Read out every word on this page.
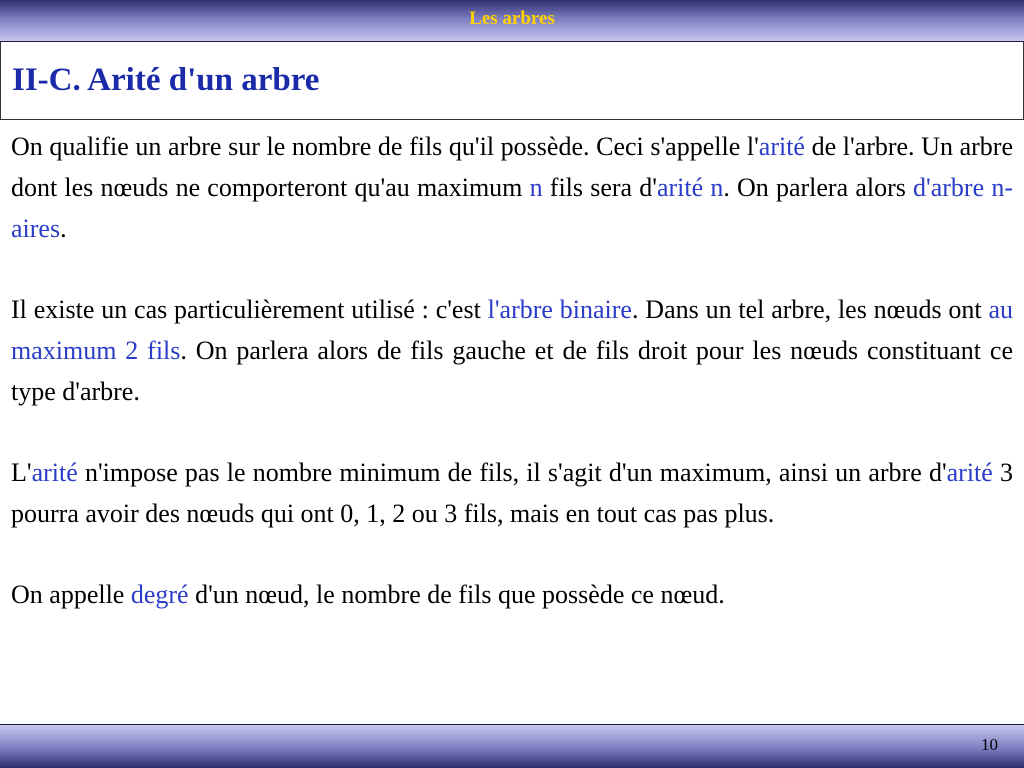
Les arbres
II-C. Arité d'un arbre

On qualifie un arbre sur le nombre de fils qu'il possède. Ceci s'appelle l'arité de l'arbre. Un arbre dont les nœuds ne comporteront qu'au maximum n fils sera d'arité n. On parlera alors d'arbre n-aires.

Il existe un cas particulièrement utilisé : c'est l'arbre binaire. Dans un tel arbre, les nœuds ont au maximum 2 fils. On parlera alors de fils gauche et de fils droit pour les nœuds constituant ce type d'arbre.

L'arité n'impose pas le nombre minimum de fils, il s'agit d'un maximum, ainsi un arbre d'arité 3 pourra avoir des nœuds qui ont 0, 1, 2 ou 3 fils, mais en tout cas pas plus.

On appelle degré d'un nœud, le nombre de fils que possède ce nœud.

10
